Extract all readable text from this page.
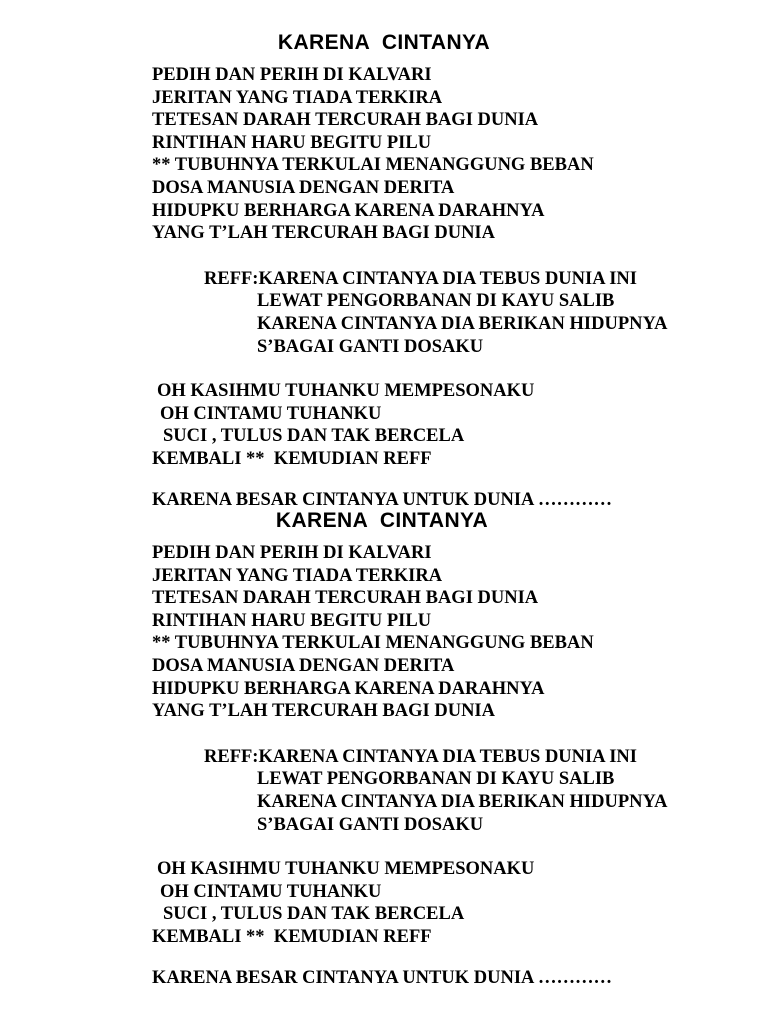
KARENA  CINTANYA

PEDIH DAN PERIH DI KALVARI

JERITAN YANG TIADA TERKIRA

TETESAN DARAH TERCURAH BAGI DUNIA

RINTIHAN HARU BEGITU PILU

** TUBUHNYA TERKULAI MENANGGUNG BEBAN

DOSA MANUSIA DENGAN DERITA

HIDUPKU BERHARGA KARENA DARAHNYA

YANG T’LAH TERCURAH BAGI DUNIA

REFF:KARENA CINTANYA DIA TEBUS DUNIA INI

LEWAT PENGORBANAN DI KAYU SALIB

KARENA CINTANYA DIA BERIKAN HIDUPNYA

S’BAGAI GANTI DOSAKU

OH KASIHMU TUHANKU MEMPESONAKU

OH CINTAMU TUHANKU

SUCI , TULUS DAN TAK BERCELA

KEMBALI **  KEMUDIAN REFF

KARENA BESAR CINTANYA UNTUK DUNIA …………

KARENA  CINTANYA

PEDIH DAN PERIH DI KALVARI

JERITAN YANG TIADA TERKIRA

TETESAN DARAH TERCURAH BAGI DUNIA

RINTIHAN HARU BEGITU PILU

** TUBUHNYA TERKULAI MENANGGUNG BEBAN

DOSA MANUSIA DENGAN DERITA

HIDUPKU BERHARGA KARENA DARAHNYA

YANG T’LAH TERCURAH BAGI DUNIA

REFF:KARENA CINTANYA DIA TEBUS DUNIA INI

LEWAT PENGORBANAN DI KAYU SALIB

KARENA CINTANYA DIA BERIKAN HIDUPNYA

S’BAGAI GANTI DOSAKU

OH KASIHMU TUHANKU MEMPESONAKU

OH CINTAMU TUHANKU

SUCI , TULUS DAN TAK BERCELA

KEMBALI **  KEMUDIAN REFF

KARENA BESAR CINTANYA UNTUK DUNIA …………
